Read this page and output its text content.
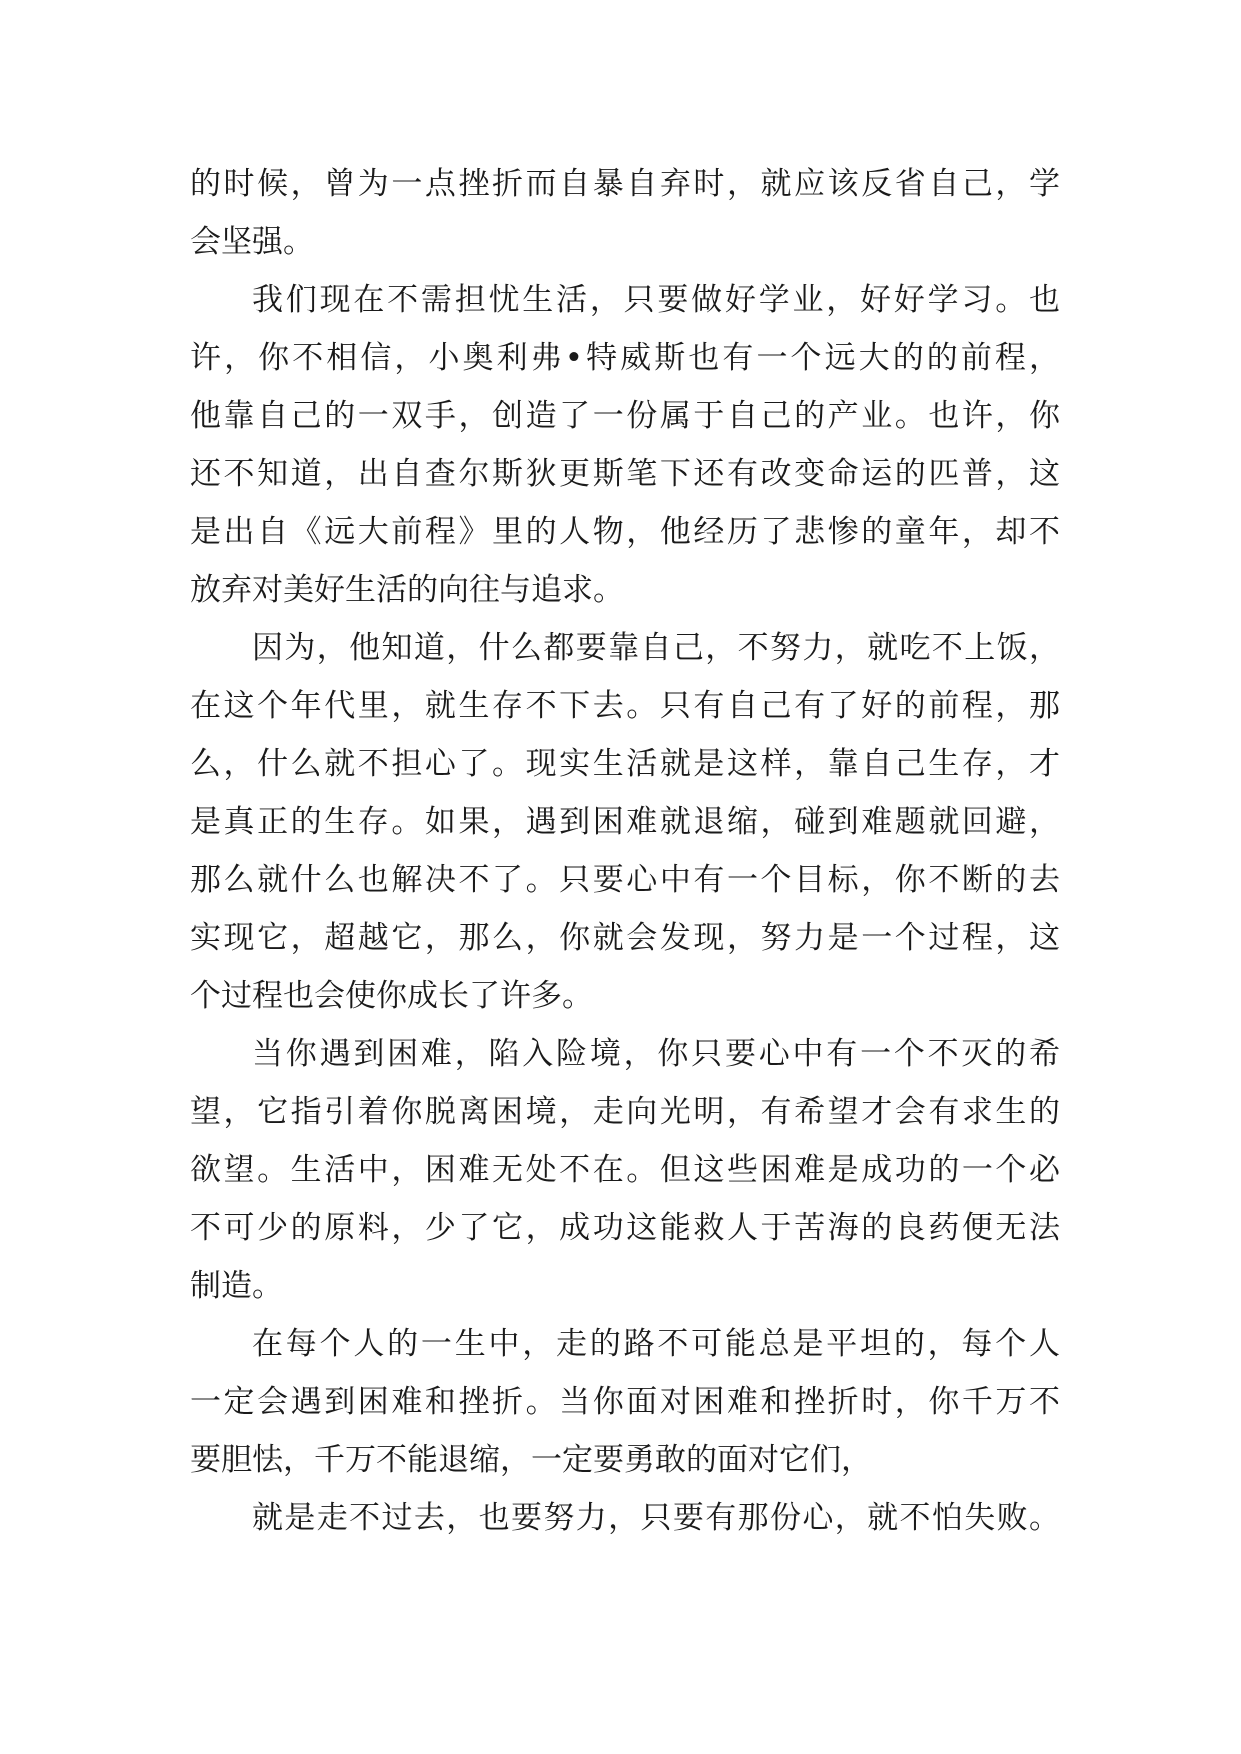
的时候，曾为一点挫折而自暴自弃时，就应该反省自己，学
会坚强。
我们现在不需担忧生活，只要做好学业，好好学习。也
许，你不相信，小奥利弗•特威斯也有一个远大的的前程，
他靠自己的一双手，创造了一份属于自己的产业。也许，你
还不知道，出自查尔斯狄更斯笔下还有改变命运的匹普，这
是出自《远大前程》里的人物，他经历了悲惨的童年，却不
放弃对美好生活的向往与追求。
因为，他知道，什么都要靠自己，不努力，就吃不上饭，
在这个年代里，就生存不下去。只有自己有了好的前程，那
么，什么就不担心了。现实生活就是这样，靠自己生存，才
是真正的生存。如果，遇到困难就退缩，碰到难题就回避，
那么就什么也解决不了。只要心中有一个目标，你不断的去
实现它，超越它，那么，你就会发现，努力是一个过程，这
个过程也会使你成长了许多。
当你遇到困难，陷入险境，你只要心中有一个不灭的希
望，它指引着你脱离困境，走向光明，有希望才会有求生的
欲望。生活中，困难无处不在。但这些困难是成功的一个必
不可少的原料，少了它，成功这能救人于苦海的良药便无法
制造。
在每个人的一生中，走的路不可能总是平坦的，每个人
一定会遇到困难和挫折。当你面对困难和挫折时，你千万不
要胆怯，千万不能退缩，一定要勇敢的面对它们，
就是走不过去，也要努力，只要有那份心，就不怕失败。
